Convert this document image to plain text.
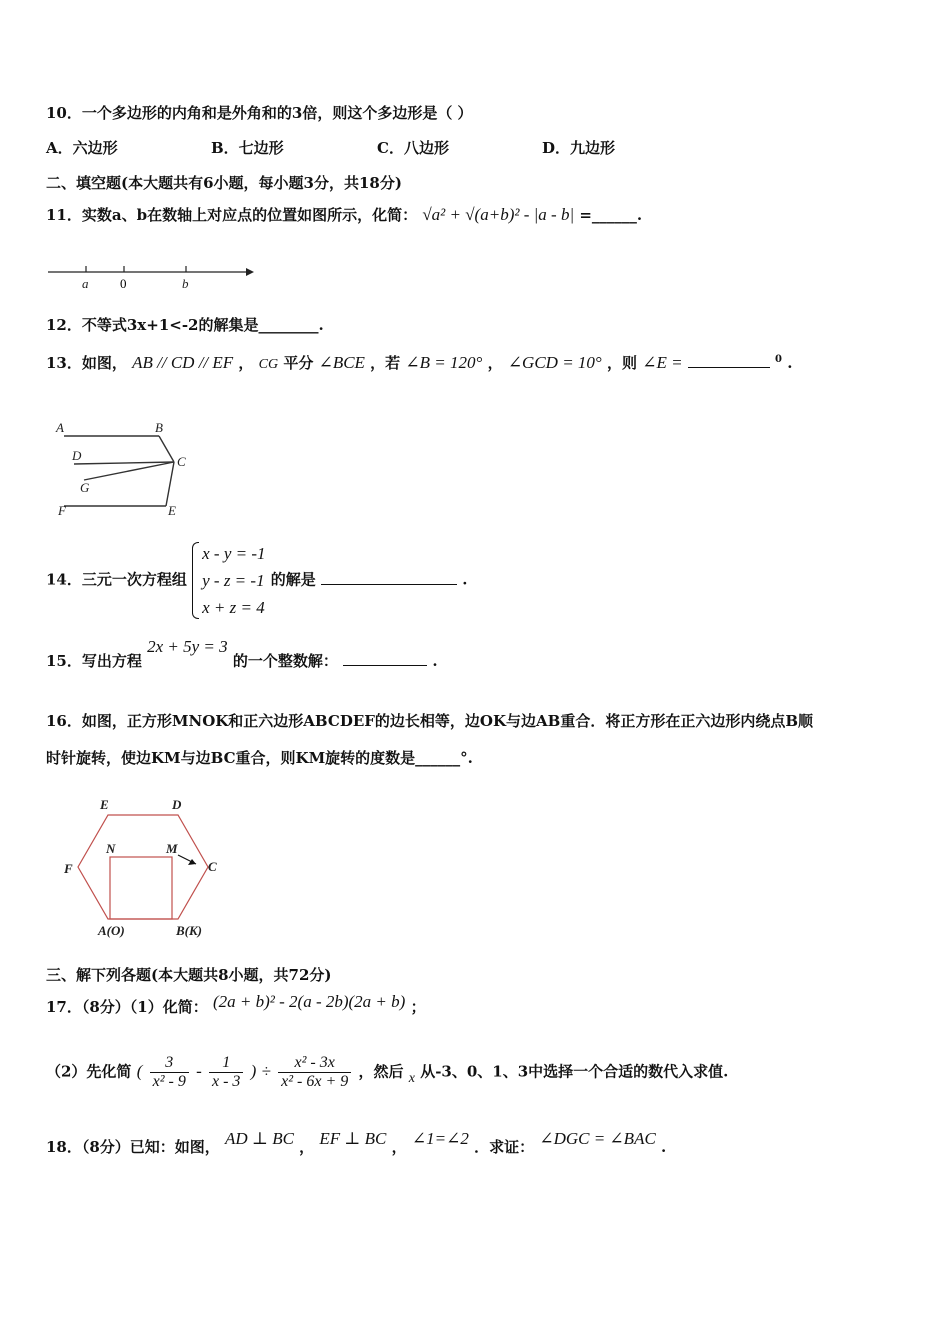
10．一个多边形的内角和是外角和的3倍，则这个多边形是（ ）
A．六边形	B．七边形	C．八边形	D．九边形
二、填空题(本大题共有6小题，每小题3分，共18分)
11．实数a、b在数轴上对应点的位置如图所示，化简： √a² + √(a+b)² - |a - b| =______.
a 0	b
12．不等式3x+1<-2的解集是________.
13．如图， AB // CD // EF ， CG 平分 ∠BCE ，若 ∠B = 120° ， ∠GCD = 10° ，则 ∠E =	$^0$ .
A	B
C
D
G
F	E
14．三元一次方程组
x - y = -1
y - z = -1
x + z = 4
的解是	.
15．写出方程 2x + 5y = 3 的一个整数解：	.
16．如图，正方形MNOK和正六边形ABCDEF的边长相等，边OK与边AB重合．将正方形在正六边形内绕点B顺
时针旋转，使边KM与边BC重合，则KM旋转的度数是______°.
E	D
N	M
F	C
A(O)	B(K)
三、解下列各题(本大题共8小题，共72分)
17．（8分）（1）化简： (2a + b)² - 2(a - 2b)(2a + b) ；
（2）先化简 ( $\frac{3}{\text{x² - 9}} - \frac{1}{x - 3}$ ) ÷ $\frac{\text{x² - 3x}}{\text{x² - 6x + 9}}$ ，然后 x 从-3、0、1、3中选择一个合适的数代入求值.
18．（8分）已知：如图， AD ⊥ BC ， EF ⊥ BC ， ∠1=∠2 ．求证： ∠DGC = ∠BAC .
